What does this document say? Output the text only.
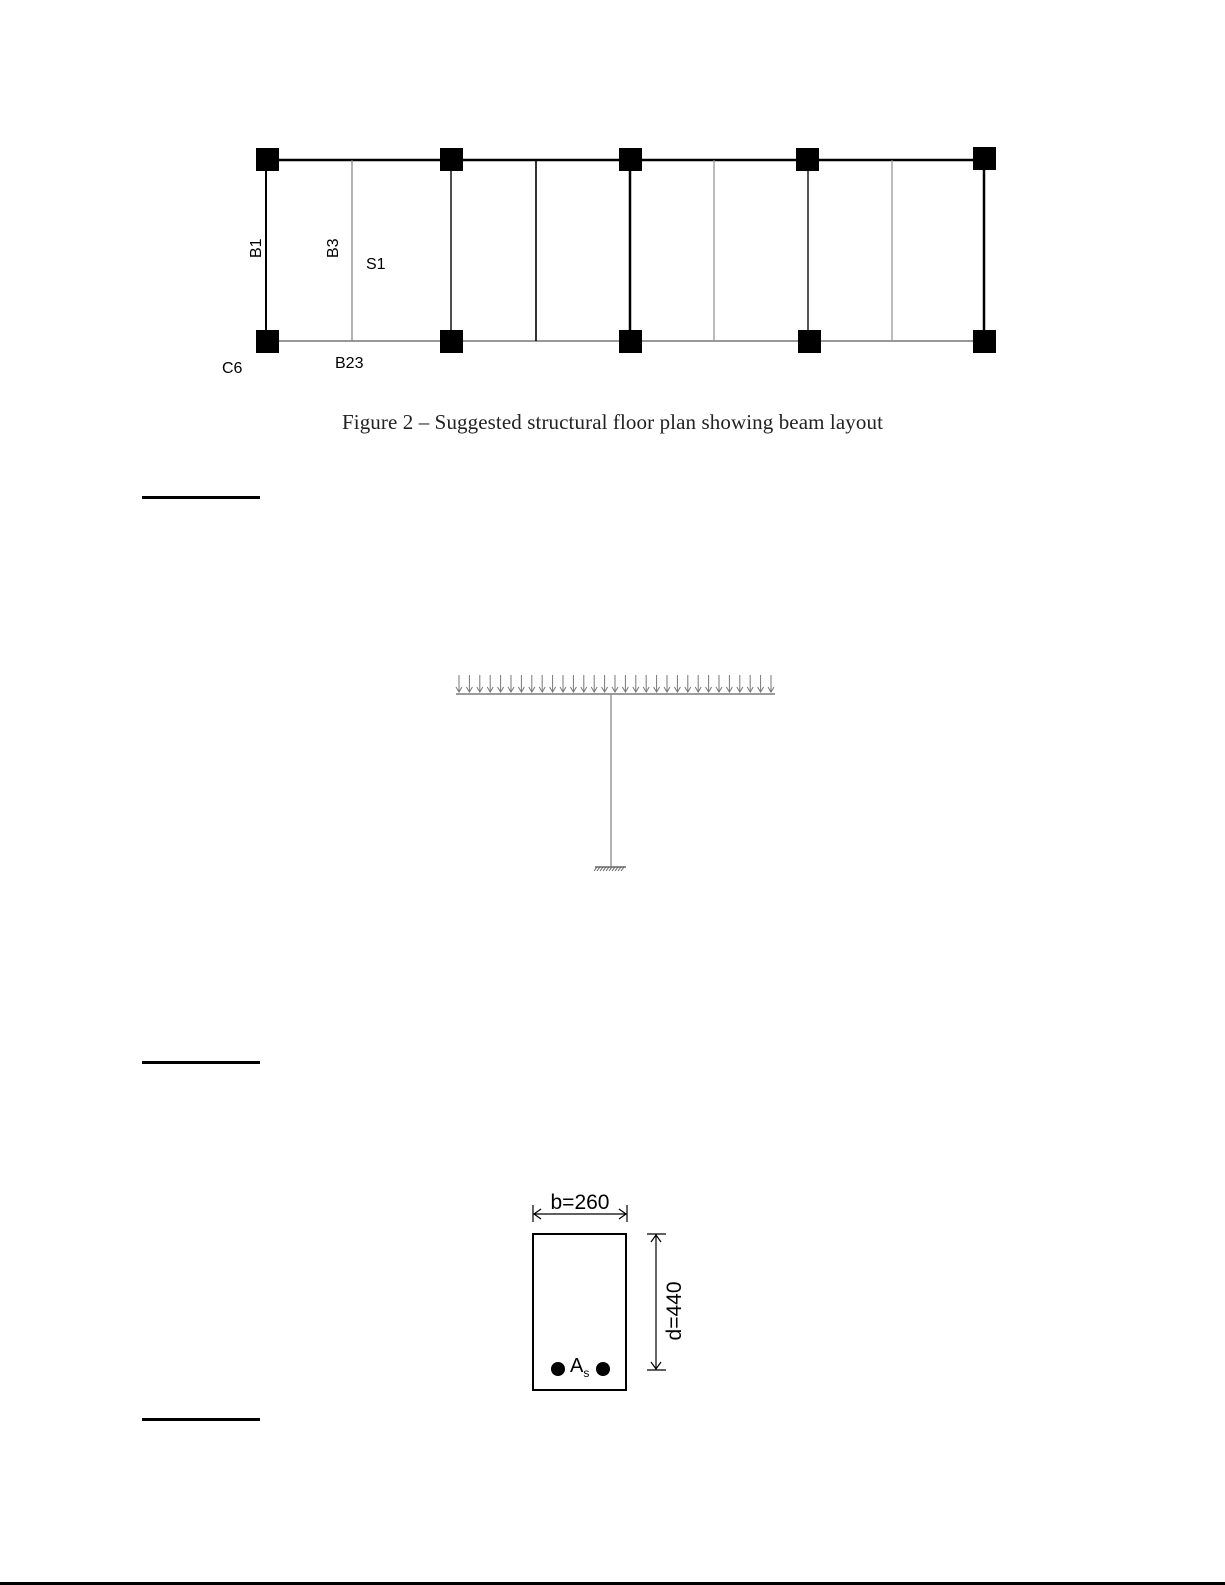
B1	B3
S1
C6	B23
Figure 2 – Suggested structural floor plan showing beam layout
b=260
d=440
$A_s$
